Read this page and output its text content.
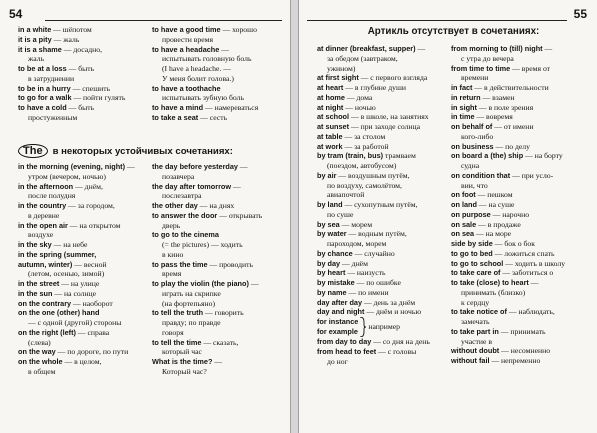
54
in a white — шёпотом
it is a pity — жаль
it is a shame — досадно,
жаль
to be at a loss — быть
в затруднении
to be in a hurry — спешить
to go for a walk — пойти гулять
to have a cold — быть
простуженным
to have a good time — хорошо
провести время
to have a headache —
испытывать головную боль
(I have a headache. —
У меня болит голова.)
to have a toothache
испытывать зубную боль
to have a mind — намереваться
to take a seat — сесть
The	в некоторых устойчивых сочетаниях:
in the morning (evening, night) —
утром (вечером, ночью)
in the afternoon — днём,
после полудня
in the country — за городом,
в деревне
in the open air — на открытом
воздухе
in the sky — на небе
in the spring (summer,
autumn, winter) — весной
(летом, осенью, зимой)
in the street — на улице
in the sun — на солнце
on the contrary — наоборот
on the one (other) hand
— с одной (другой) стороны
on the right (left) — справа
(слева)
on the way — по дороге, по пути
on the whole — в целом,
в общем
the day before yesterday —
позавчера
the day after tomorrow —
послезавтра
the other day — на днях
to answer the door — открывать
дверь
to go to the cinema
(= the pictures) — ходить
в кино
to pass the time — проводить
время
to play the violin (the piano) —
играть на скрипке
(на фортепьяно)
to tell the truth — говорить
правду; по правде
говоря
to tell the time — сказать,
который час
What is the time? —
Который час?
55
Артикль отсутствует в сочетаниях:
at dinner (breakfast, supper) —
за обедом (завтраком,
ужином)
at first sight — с первого взгляда
at heart — в глубине души
at home — дома
at night — ночью
at school — в школе, на занятиях
at sunset — при заходе солнца
at table — за столом
at work — за работой
by tram (train, bus) трамваем
(поездом, автобусом)
by air — воздушным путём,
по воздуху, самолётом,
авиапочтой
by land — сухопутным путём,
по суше
by sea — морем
by water — водным путём,
пароходом, морем
by chance — случайно
by day — днём
by heart — наизусть
by mistake — по ошибке
by name — по имени
day after day — день за днём
day and night — днём и ночью
for instance
for example
например
from day to day — со дня на день
from head to feet — с головы
до ног
from morning to (till) night —
с утра до вечера
from time to time — время от
времени
in fact — в действительности
in return — взамен
in sight — в поле зрения
in time — вовремя
on behalf of — от имени
кого-либо
on business — по делу
on board a (the) ship — на борту
судна
on condition that — при усло-
вии, что
on foot — пешком
on land — на суше
on purpose — нарочно
on sale — в продаже
on sea — на море
side by side — бок о бок
to go to bed — ложиться спать
to go to school — ходить в школу
to take care of — заботиться о
to take (close) to heart —
принимать (близко)
к сердцу
to take notice of — наблюдать,
замечать
to take part in — принимать
участие в
without doubt — несомненно
without fail — непременно
